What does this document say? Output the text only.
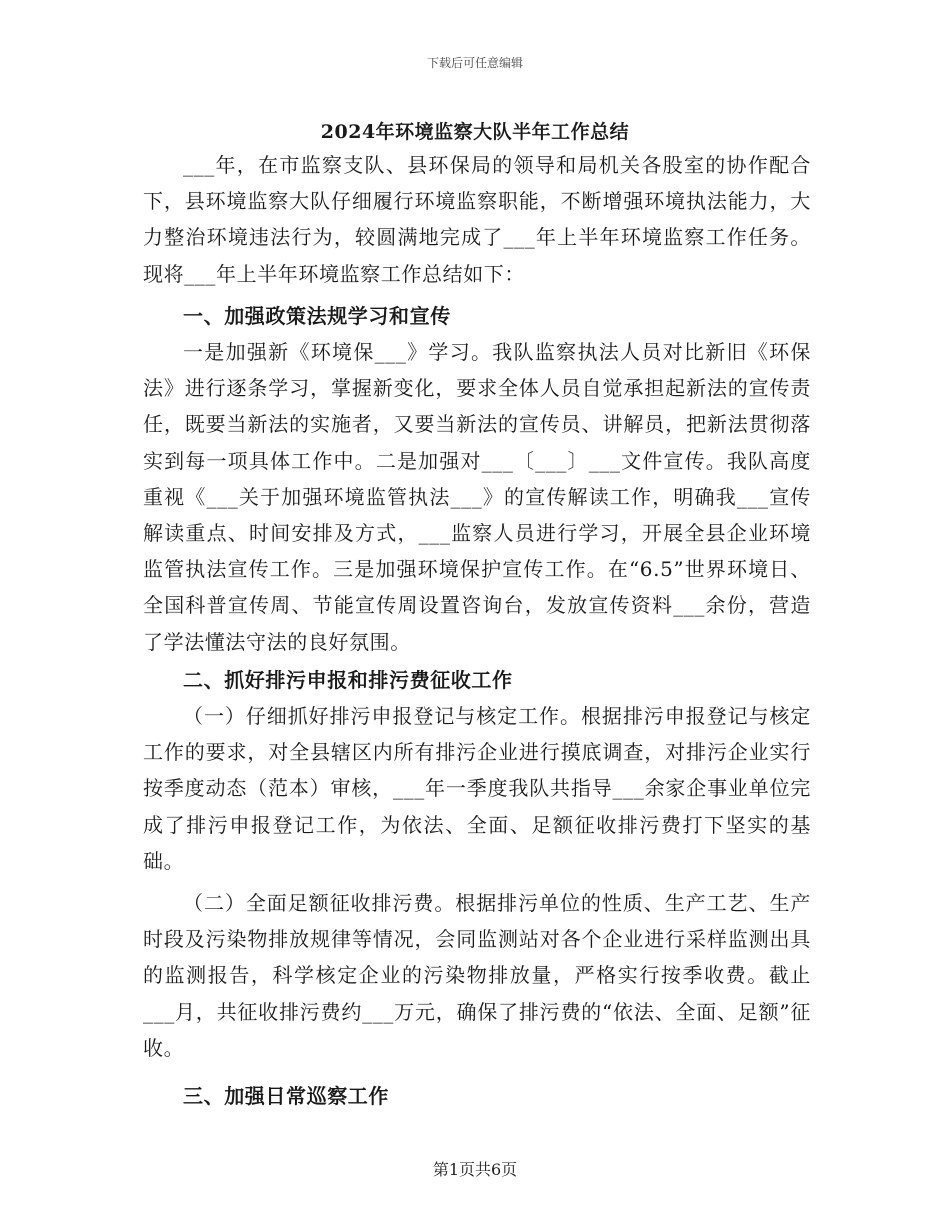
下载后可任意编辑
2024年环境监察大队半年工作总结

___年，在市监察支队、县环保局的领导和局机关各股室的协作配合下，县环境监察大队仔细履行环境监察职能，不断增强环境执法能力，大力整治环境违法行为，较圆满地完成了___年上半年环境监察工作任务。现将___年上半年环境监察工作总结如下：

一、加强政策法规学习和宣传

一是加强新《环境保___》学习。我队监察执法人员对比新旧《环保法》进行逐条学习，掌握新变化，要求全体人员自觉承担起新法的宣传责任，既要当新法的实施者，又要当新法的宣传员、讲解员，把新法贯彻落实到每一项具体工作中。二是加强对___〔___〕___文件宣传。我队高度重视《___关于加强环境监管执法___》的宣传解读工作，明确我___宣传解读重点、时间安排及方式，___监察人员进行学习，开展全县企业环境监管执法宣传工作。三是加强环境保护宣传工作。在“6.5”世界环境日、全国科普宣传周、节能宣传周设置咨询台，发放宣传资料___余份，营造了学法懂法守法的良好氛围。

二、抓好排污申报和排污费征收工作

（一）仔细抓好排污申报登记与核定工作。根据排污申报登记与核定工作的要求，对全县辖区内所有排污企业进行摸底调查，对排污企业实行按季度动态（范本）审核，___年一季度我队共指导___余家企事业单位完成了排污申报登记工作，为依法、全面、足额征收排污费打下坚实的基础。

（二）全面足额征收排污费。根据排污单位的性质、生产工艺、生产时段及污染物排放规律等情况，会同监测站对各个企业进行采样监测出具的监测报告，科学核定企业的污染物排放量，严格实行按季收费。截止___月，共征收排污费约___万元，确保了排污费的“依法、全面、足额”征收。

三、加强日常巡察工作

第1页共6页
